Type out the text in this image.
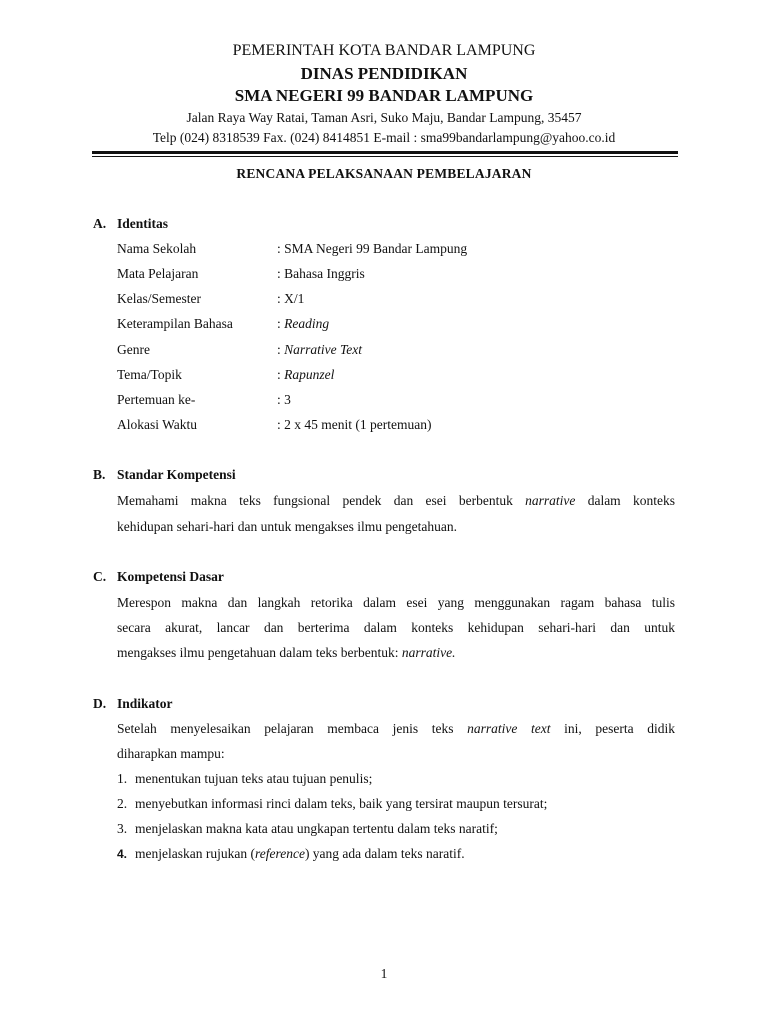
PEMERINTAH KOTA BANDAR LAMPUNG
DINAS PENDIDIKAN
SMA NEGERI 99 BANDAR LAMPUNG
Jalan Raya Way Ratai, Taman Asri, Suko Maju, Bandar Lampung, 35457
Telp (024) 8318539 Fax. (024) 8414851 E-mail : sma99bandarlampung@yahoo.co.id
RENCANA PELAKSANAAN PEMBELAJARAN
A. Identitas
Nama Sekolah	: SMA Negeri 99 Bandar Lampung
Mata Pelajaran	: Bahasa Inggris
Kelas/Semester	: X/1
Keterampilan Bahasa	: Reading
Genre	: Narrative Text
Tema/Topik	: Rapunzel
Pertemuan ke-	: 3
Alokasi Waktu	: 2 x 45 menit (1 pertemuan)
B. Standar Kompetensi
Memahami makna teks fungsional pendek dan esei berbentuk narrative dalam konteks
kehidupan sehari-hari dan untuk mengakses ilmu pengetahuan.
C. Kompetensi Dasar
Merespon makna dan langkah retorika dalam esei yang menggunakan ragam bahasa tulis
secara akurat, lancar dan berterima dalam konteks kehidupan sehari-hari dan untuk
mengakses ilmu pengetahuan dalam teks berbentuk: narrative.
D. Indikator
Setelah menyelesaikan pelajaran membaca jenis teks narrative text ini, peserta didik
diharapkan mampu:
1. menentukan tujuan teks atau tujuan penulis;
2. menyebutkan informasi rinci dalam teks, baik yang tersirat maupun tersurat;
3. menjelaskan makna kata atau ungkapan tertentu dalam teks naratif;
4. menjelaskan rujukan (reference) yang ada dalam teks naratif.
1
